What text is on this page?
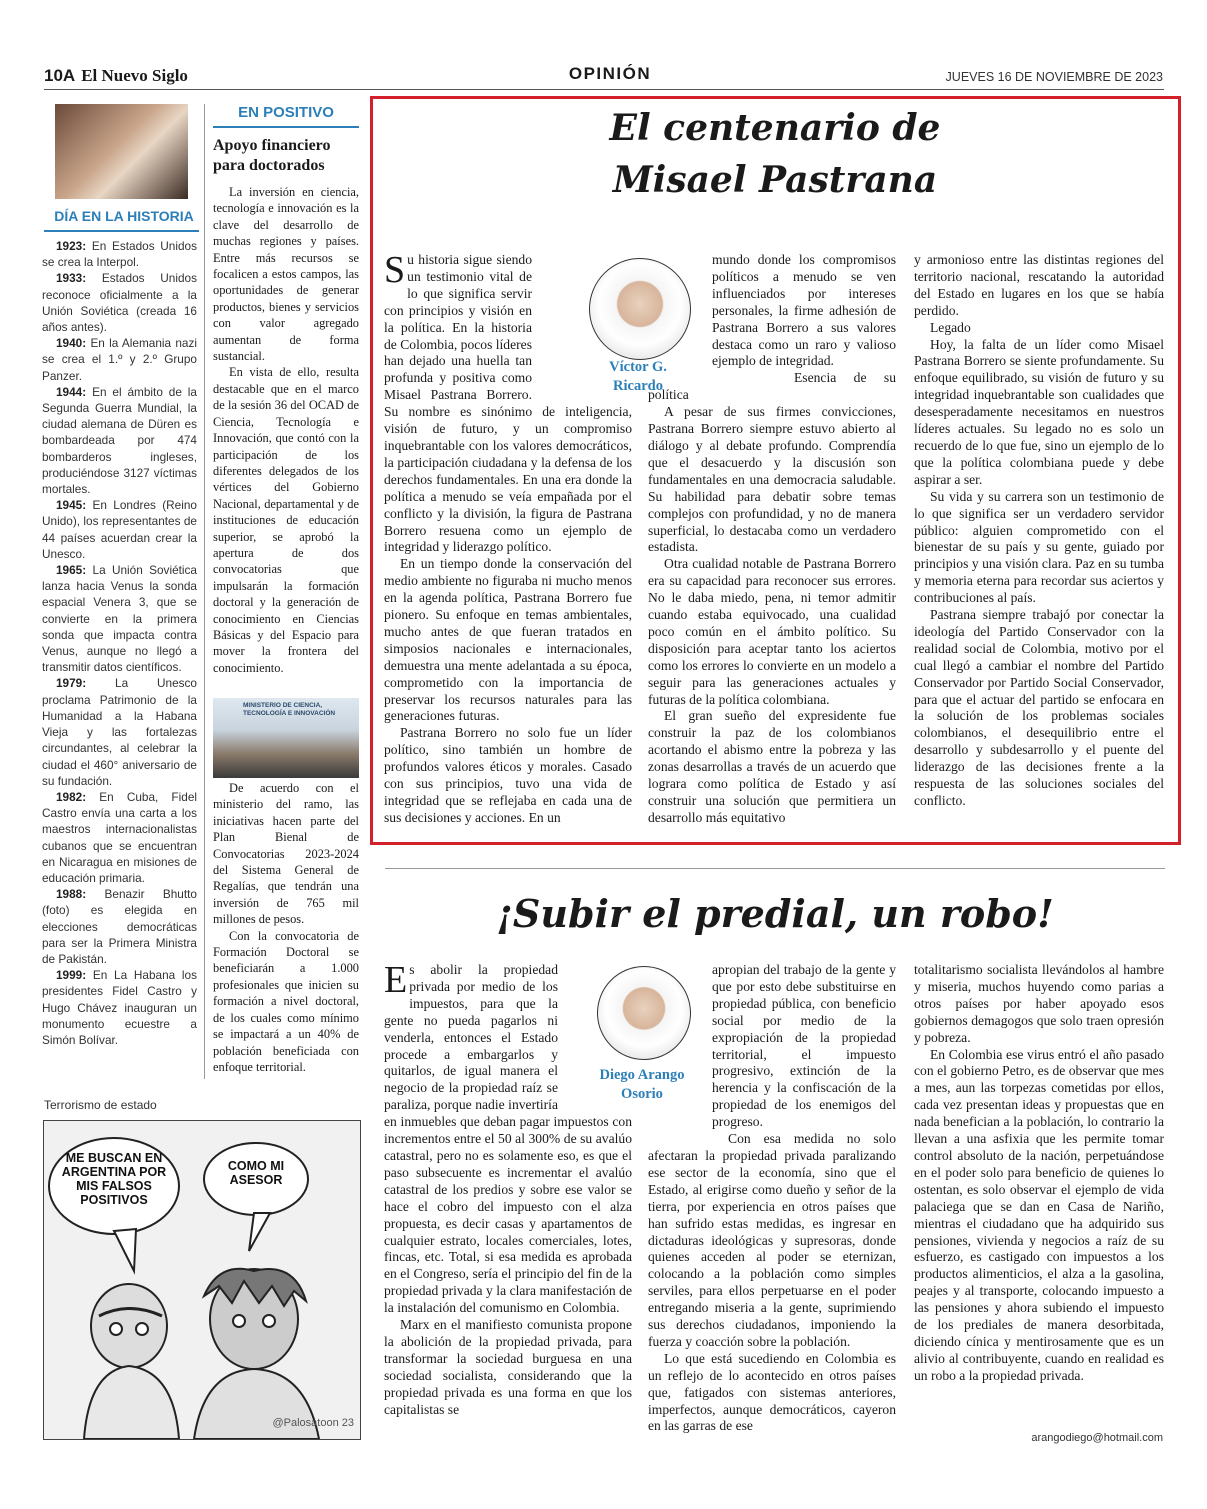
10A El Nuevo Siglo	OPINIÓN	JUEVES 16 DE NOVIEMBRE DE 2023
DÍA EN LA HISTORIA

1923: En Estados Unidos se crea la Interpol.

1933: Estados Unidos reconoce oficialmente a la Unión Soviética (creada 16 años antes).

1940: En la Alemania nazi se crea el 1.º y 2.º Grupo Panzer.

1944: En el ámbito de la Segunda Guerra Mundial, la ciudad alemana de Düren es bombardeada por 474 bombarderos ingleses, produciéndose 3127 víctimas mortales.

1945: En Londres (Reino Unido), los representantes de 44 países acuerdan crear la Unesco.

1965: La Unión Soviética lanza hacia Venus la sonda espacial Venera 3, que se convierte en la primera sonda que impacta contra Venus, aunque no llegó a transmitir datos científicos.

1979: La Unesco proclama Patrimonio de la Humanidad a la Habana Vieja y las fortalezas circundantes, al celebrar la ciudad el 460° aniversario de su fundación.

1982: En Cuba, Fidel Castro envía una carta a los maestros internacionalistas cubanos que se encuentran en Nicaragua en misiones de educación primaria.

1988: Benazir Bhutto (foto) es elegida en elecciones democráticas para ser la Primera Ministra de Pakistán.

1999: En La Habana los presidentes Fidel Castro y Hugo Chávez inauguran un monumento ecuestre a Simón Bolívar.

Terrorismo de estado
ME BUSCAN EN ARGENTINA POR MIS FALSOS POSITIVOS
COMO MI ASESOR
@Palosatoon 23
EN POSITIVO
Apoyo financiero para doctorados

La inversión en ciencia, tecnología e innovación es la clave del desarrollo de muchas regiones y países. Entre más recursos se focalicen a estos campos, las oportunidades de generar productos, bienes y servicios con valor agregado aumentan de forma sustancial.

En vista de ello, resulta destacable que en el marco de la sesión 36 del OCAD de Ciencia, Tecnología e Innovación, que contó con la participación de los diferentes delegados de los vértices del Gobierno Nacional, departamental y de instituciones de educación superior, se aprobó la apertura de dos convocatorias que impulsarán la formación doctoral y la generación de conocimiento en Ciencias Básicas y del Espacio para mover la frontera del conocimiento.

MINISTERIO DE CIENCIA, TECNOLOGÍA E INNOVACIÓN

De acuerdo con el ministerio del ramo, las iniciativas hacen parte del Plan Bienal de Convocatorias 2023-2024 del Sistema General de Regalías, que tendrán una inversión de 765 mil millones de pesos.

Con la convocatoria de Formación Doctoral se beneficiarán a 1.000 profesionales que inicien su formación a nivel doctoral, de los cuales como mínimo se impactará a un 40% de población beneficiada con enfoque territorial.

El centenario de
Misael Pastrana

Su historia sigue siendo un testimonio vital de lo que significa servir con principios y visión en la política. En la historia de Colombia, pocos líderes han dejado una huella tan profunda y positiva como Misael Pastrana Borrero. Su nombre es sinónimo de inteligencia, visión de futuro, y un compromiso inquebrantable con los valores democráticos, la participación ciudadana y la defensa de los derechos fundamentales. En una era donde la política a menudo se veía empañada por el conflicto y la división, la figura de Pastrana Borrero resuena como un ejemplo de integridad y liderazgo político.

En un tiempo donde la conservación del medio ambiente no figuraba ni mucho menos en la agenda política, Pastrana Borrero fue pionero. Su enfoque en temas ambientales, mucho antes de que fueran tratados en simposios nacionales e internacionales, demuestra una mente adelantada a su época, comprometido con la importancia de preservar los recursos naturales para las generaciones futuras.

Pastrana Borrero no solo fue un líder político, sino también un hombre de profundos valores éticos y morales. Casado con sus principios, tuvo una vida de integridad que se reflejaba en cada una de sus decisiones y acciones. En un

Víctor G. Ricardo

mundo donde los compromisos políticos a menudo se ven influenciados por intereses personales, la firme adhesión de Pastrana Borrero a sus valores destaca como un raro y valioso ejemplo de integridad.

Esencia de su política

A pesar de sus firmes convicciones, Pastrana Borrero siempre estuvo abierto al diálogo y al debate profundo. Comprendía que el desacuerdo y la discusión son fundamentales en una democracia saludable. Su habilidad para debatir sobre temas complejos con profundidad, y no de manera superficial, lo destacaba como un verdadero estadista.

Otra cualidad notable de Pastrana Borrero era su capacidad para reconocer sus errores. No le daba miedo, pena, ni temor admitir cuando estaba equivocado, una cualidad poco común en el ámbito político. Su disposición para aceptar tanto los aciertos como los errores lo convierte en un modelo a seguir para las generaciones actuales y futuras de la política colombiana.

El gran sueño del expresidente fue construir la paz de los colombianos acortando el abismo entre la pobreza y las zonas desarrollas a través de un acuerdo que lograra como política de Estado y así construir una solución que permitiera un desarrollo más equitativo

y armonioso entre las distintas regiones del territorio nacional, rescatando la autoridad del Estado en lugares en los que se había perdido.

Legado

Hoy, la falta de un líder como Misael Pastrana Borrero se siente profundamente. Su enfoque equilibrado, su visión de futuro y su integridad inquebrantable son cualidades que desesperadamente necesitamos en nuestros líderes actuales. Su legado no es solo un recuerdo de lo que fue, sino un ejemplo de lo que la política colombiana puede y debe aspirar a ser.

Su vida y su carrera son un testimonio de lo que significa ser un verdadero servidor público: alguien comprometido con el bienestar de su país y su gente, guiado por principios y una visión clara. Paz en su tumba y memoria eterna para recordar sus aciertos y contribuciones al país.

Pastrana siempre trabajó por conectar la ideología del Partido Conservador con la realidad social de Colombia, motivo por el cual llegó a cambiar el nombre del Partido Conservador por Partido Social Conservador, para que el actuar del partido se enfocara en la solución de los problemas sociales colombianos, el desequilibrio entre el desarrollo y subdesarrollo y el puente del liderazgo de las decisiones frente a la respuesta de las soluciones sociales del conflicto.

¡Subir el predial, un robo!

Es abolir la propiedad privada por medio de los impuestos, para que la gente no pueda pagarlos ni venderla, entonces el Estado procede a embargarlos y quitarlos, de igual manera el negocio de la propiedad raíz se paraliza, porque nadie invertiría en inmuebles que deban pagar impuestos con incrementos entre el 50 al 300% de su avalúo catastral, pero no es solamente eso, es que el paso subsecuente es incrementar el avalúo catastral de los predios y sobre ese valor se hace el cobro del impuesto con el alza propuesta, es decir casas y apartamentos de cualquier estrato, locales comerciales, lotes, fincas, etc. Total, si esa medida es aprobada en el Congreso, sería el principio del fin de la propiedad privada y la clara manifestación de la instalación del comunismo en Colombia.

Marx en el manifiesto comunista propone la abolición de la propiedad privada, para transformar la sociedad burguesa en una sociedad socialista, considerando que la propiedad privada es una forma en que los capitalistas se

Diego Arango Osorio

apropian del trabajo de la gente y que por esto debe substituirse en propiedad pública, con beneficio social por medio de la expropiación de la propiedad territorial, el impuesto progresivo, extinción de la herencia y la confiscación de la propiedad de los enemigos del progreso.

Con esa medida no solo afectaran la propiedad privada paralizando ese sector de la economía, sino que el Estado, al erigirse como dueño y señor de la tierra, por experiencia en otros países que han sufrido estas medidas, es ingresar en dictaduras ideológicas y supresoras, donde quienes acceden al poder se eternizan, colocando a la población como simples serviles, para ellos perpetuarse en el poder entregando miseria a la gente, suprimiendo sus derechos ciudadanos, imponiendo la fuerza y coacción sobre la población.

Lo que está sucediendo en Colombia es un reflejo de lo acontecido en otros países que, fatigados con sistemas anteriores, imperfectos, aunque democráticos, cayeron en las garras de ese

totalitarismo socialista llevándolos al hambre y miseria, muchos huyendo como parias a otros países por haber apoyado esos gobiernos demagogos que solo traen opresión y pobreza.

En Colombia ese virus entró el año pasado con el gobierno Petro, es de observar que mes a mes, aun las torpezas cometidas por ellos, cada vez presentan ideas y propuestas que en nada benefician a la población, lo contrario la llevan a una asfixia que les permite tomar control absoluto de la nación, perpetuándose en el poder solo para beneficio de quienes lo ostentan, es solo observar el ejemplo de vida palaciega que se dan en Casa de Nariño, mientras el ciudadano que ha adquirido sus pensiones, vivienda y negocios a raíz de su esfuerzo, es castigado con impuestos a los productos alimenticios, el alza a la gasolina, peajes y al transporte, colocando impuesto a las pensiones y ahora subiendo el impuesto de los prediales de manera desorbitada, diciendo cínica y mentirosamente que es un alivio al contribuyente, cuando en realidad es un robo a la propiedad privada.

arangodiego@hotmail.com
